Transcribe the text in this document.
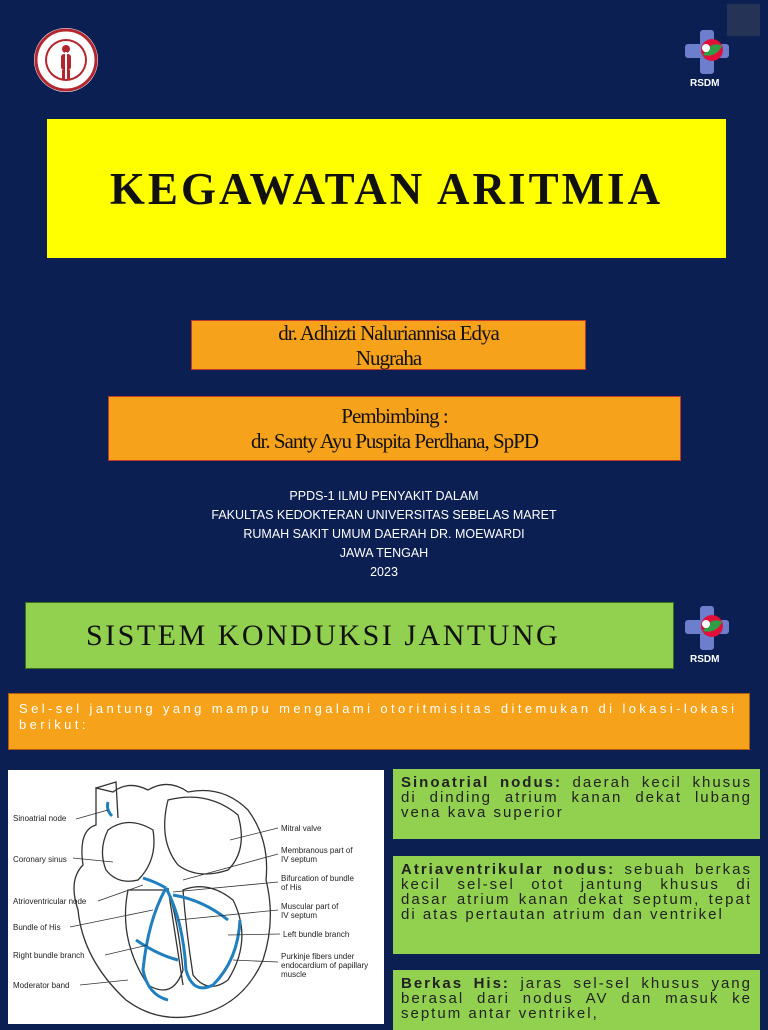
RSDM
KEGAWATAN ARITMIA
dr. Adhizti Naluriannisa Edya
Nugraha
Pembimbing :
dr. Santy Ayu Puspita Perdhana, SpPD
PPDS-1 ILMU PENYAKIT DALAM
FAKULTAS KEDOKTERAN UNIVERSITAS SEBELAS MARET
RUMAH SAKIT UMUM DAERAH DR. MOEWARDI
JAWA TENGAH
2023
SISTEM KONDUKSI JANTUNG
RSDM
Sel-sel jantung yang mampu mengalami otoritmisitas ditemukan di lokasi-lokasi berikut:
Sinoatrial node
Coronary sinus
Atrioventricular node
Bundle of His
Right bundle branch
Moderator band
Mitral valve
Membranous part of
IV septum
Bifurcation of bundle
of His
Muscular part of
IV septum
Left bundle branch
Purkinje fibers under
endocardium of papillary
muscle
Sinoatrial nodus: daerah kecil khusus di dinding atrium kanan dekat lubang vena kava superior
Atriaventrikular nodus: sebuah berkas kecil sel-sel otot jantung khusus di dasar atrium kanan dekat septum, tepat di atas pertautan atrium dan ventrikel
Berkas His: jaras sel-sel khusus yang berasal dari nodus AV dan masuk ke septum antar ventrikel,
